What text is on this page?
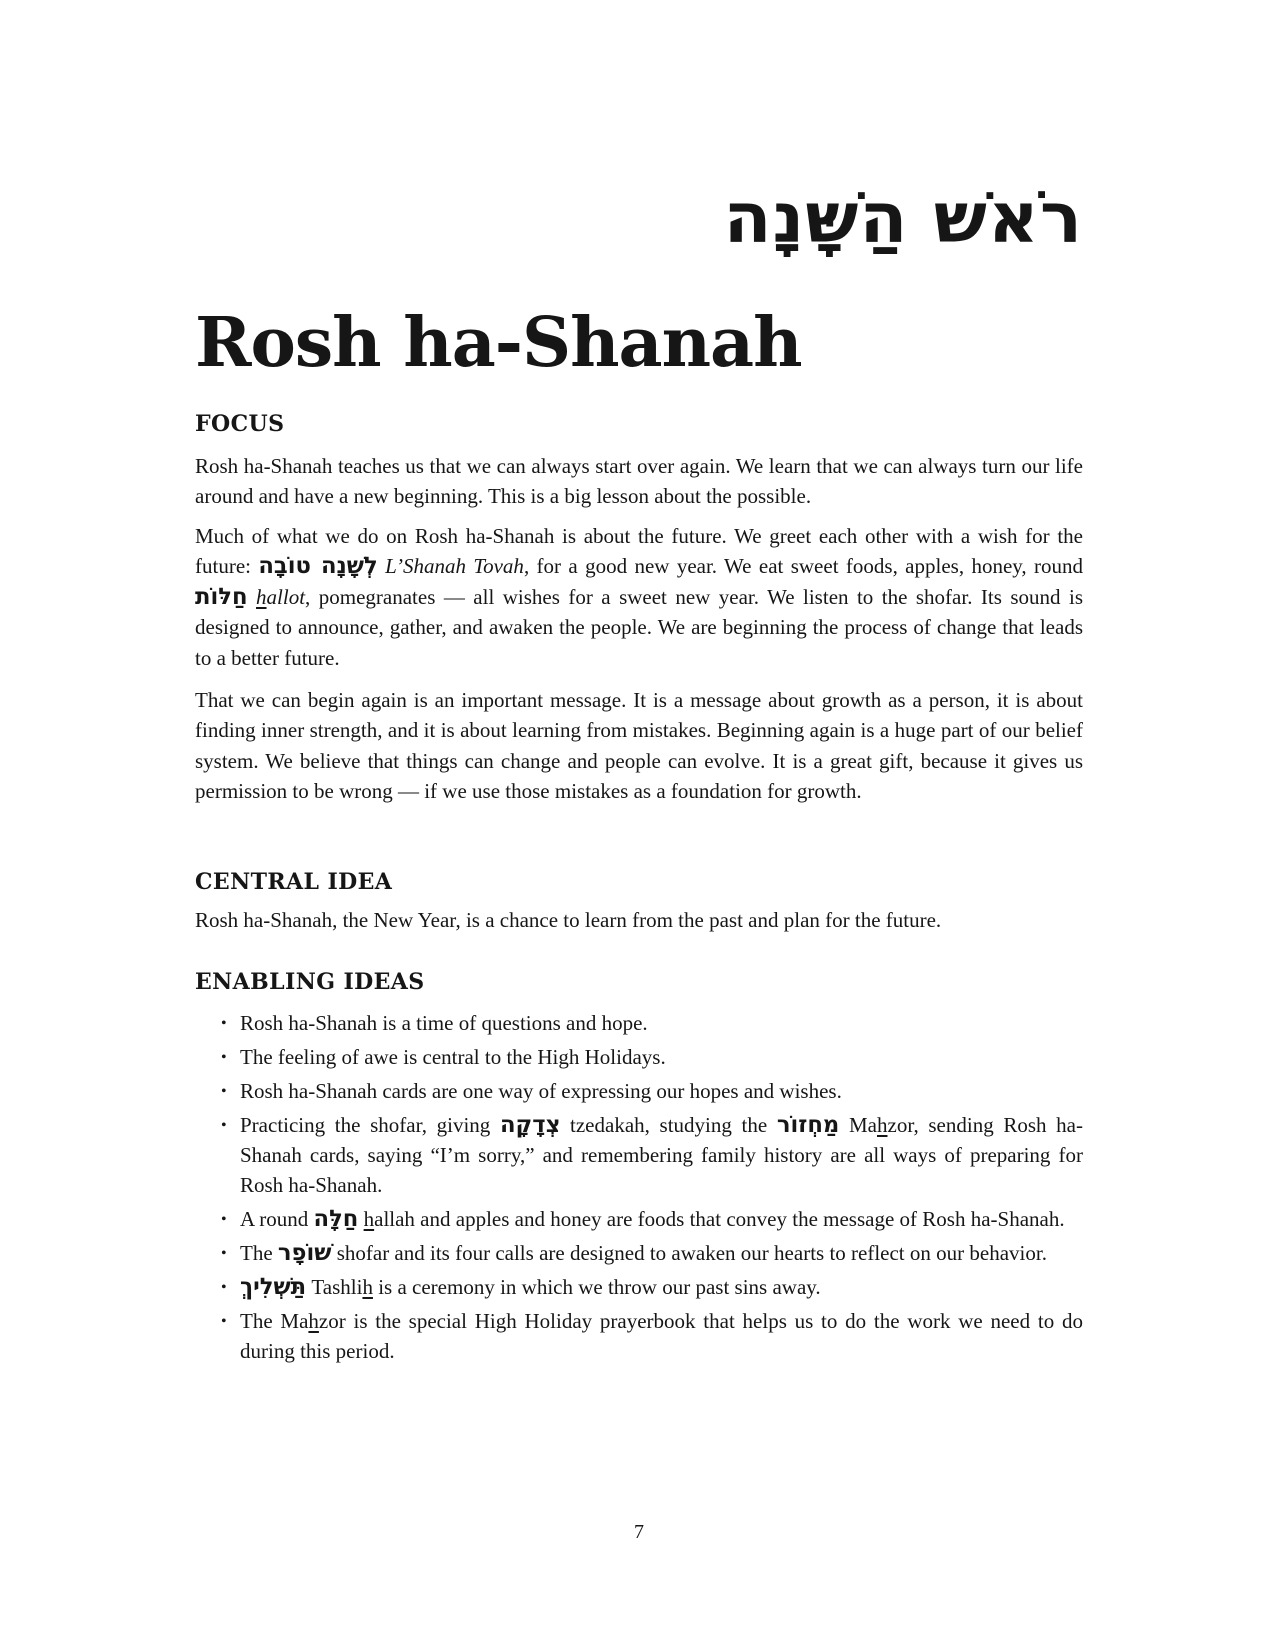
רֹאשׁ הַשָּׁנָה
Rosh ha-Shanah
FOCUS

Rosh ha-Shanah teaches us that we can always start over again. We learn that we can always turn our life around and have a new beginning. This is a big lesson about the possible.

Much of what we do on Rosh ha-Shanah is about the future. We greet each other with a wish for the future: לְשָׁנָה טוֹבָה L’Shanah Tovah, for a good new year. We eat sweet foods, apples, honey, round חַלּוֹת hallot, pomegranates — all wishes for a sweet new year. We listen to the shofar. Its sound is designed to announce, gather, and awaken the people. We are beginning the process of change that leads to a better future.

That we can begin again is an important message. It is a message about growth as a person, it is about finding inner strength, and it is about learning from mistakes. Beginning again is a huge part of our belief system. We believe that things can change and people can evolve. It is a great gift, because it gives us permission to be wrong — if we use those mistakes as a foundation for growth.

CENTRAL IDEA

Rosh ha-Shanah, the New Year, is a chance to learn from the past and plan for the future.

ENABLING IDEAS
• Rosh ha-Shanah is a time of questions and hope.
• The feeling of awe is central to the High Holidays.
• Rosh ha-Shanah cards are one way of expressing our hopes and wishes.
• Practicing the shofar, giving צְדָקָה tzedakah, studying the מַחְזוֹר Mahzor, sending Rosh ha-Shanah cards, saying “I’m sorry,” and remembering family history are all ways of preparing for Rosh ha-Shanah.
• A round חַלָּה hallah and apples and honey are foods that convey the message of Rosh ha-Shanah.
• The שׁוֹפָר shofar and its four calls are designed to awaken our hearts to reflect on our behavior.
• תַּשְׁלִיךְ Tashlih is a ceremony in which we throw our past sins away.
• The Mahzor is the special High Holiday prayerbook that helps us to do the work we need to do during this period.
7
